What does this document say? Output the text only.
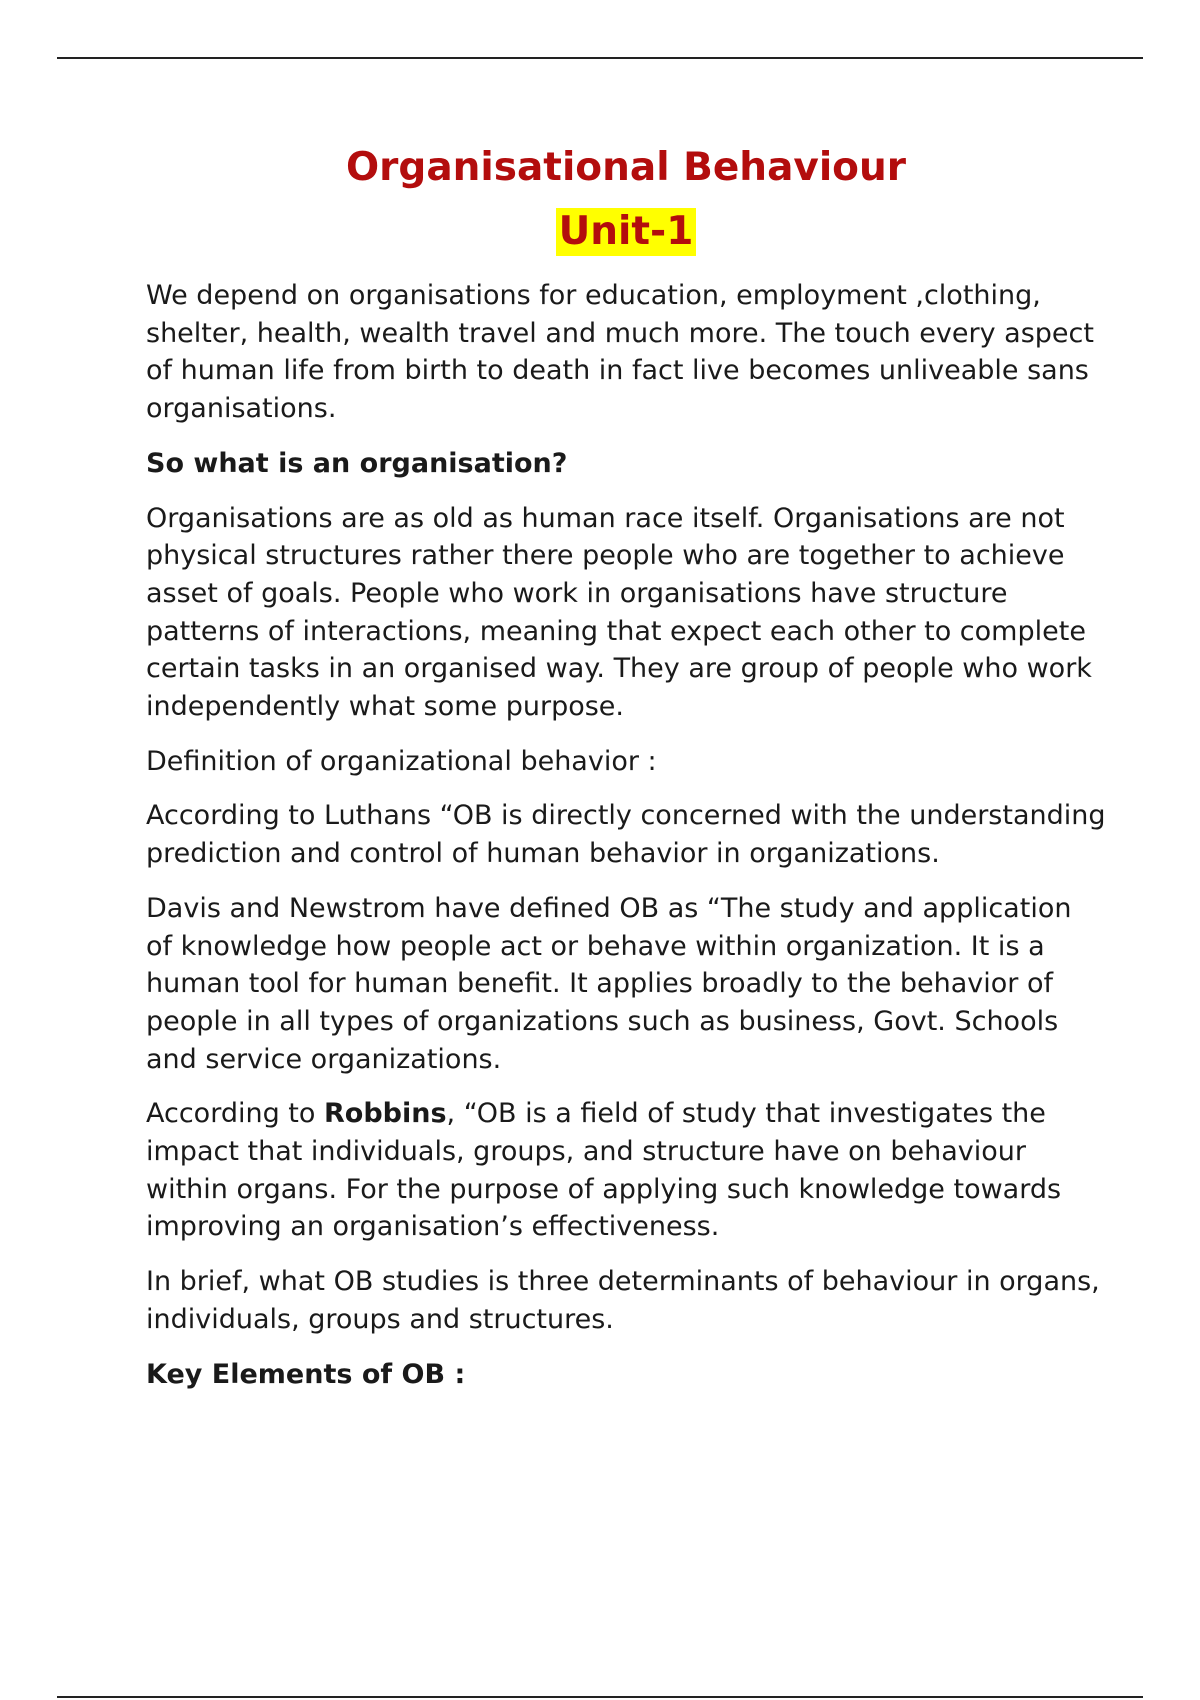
Organisational Behaviour
Unit-1

We depend on organisations for education, employment ,clothing, shelter, health, wealth travel and much more. The touch every aspect of human life from birth to death in fact live becomes unliveable sans organisations.

So what is an organisation?

Organisations are as old as human race itself. Organisations are not physical structures rather there people who are together to achieve asset of goals. People who work in organisations have structure patterns of interactions, meaning that expect each other to complete certain tasks in an organised way. They are group of people who work independently what some purpose.

Definition of organizational behavior :

According to Luthans “OB is directly concerned with the understanding prediction and control of human behavior in organizations.

Davis and Newstrom have defined OB as “The study and application of knowledge how people act or behave within organization. It is a human tool for human benefit. It applies broadly to the behavior of people in all types of organizations such as business, Govt. Schools and service organizations.

According to Robbins, “OB is a field of study that investigates the impact that individuals, groups, and structure have on behaviour within organs. For the purpose of applying such knowledge towards improving an organisation’s effectiveness.

In brief, what OB studies is three determinants of behaviour in organs, individuals, groups and structures.

Key Elements of OB :
